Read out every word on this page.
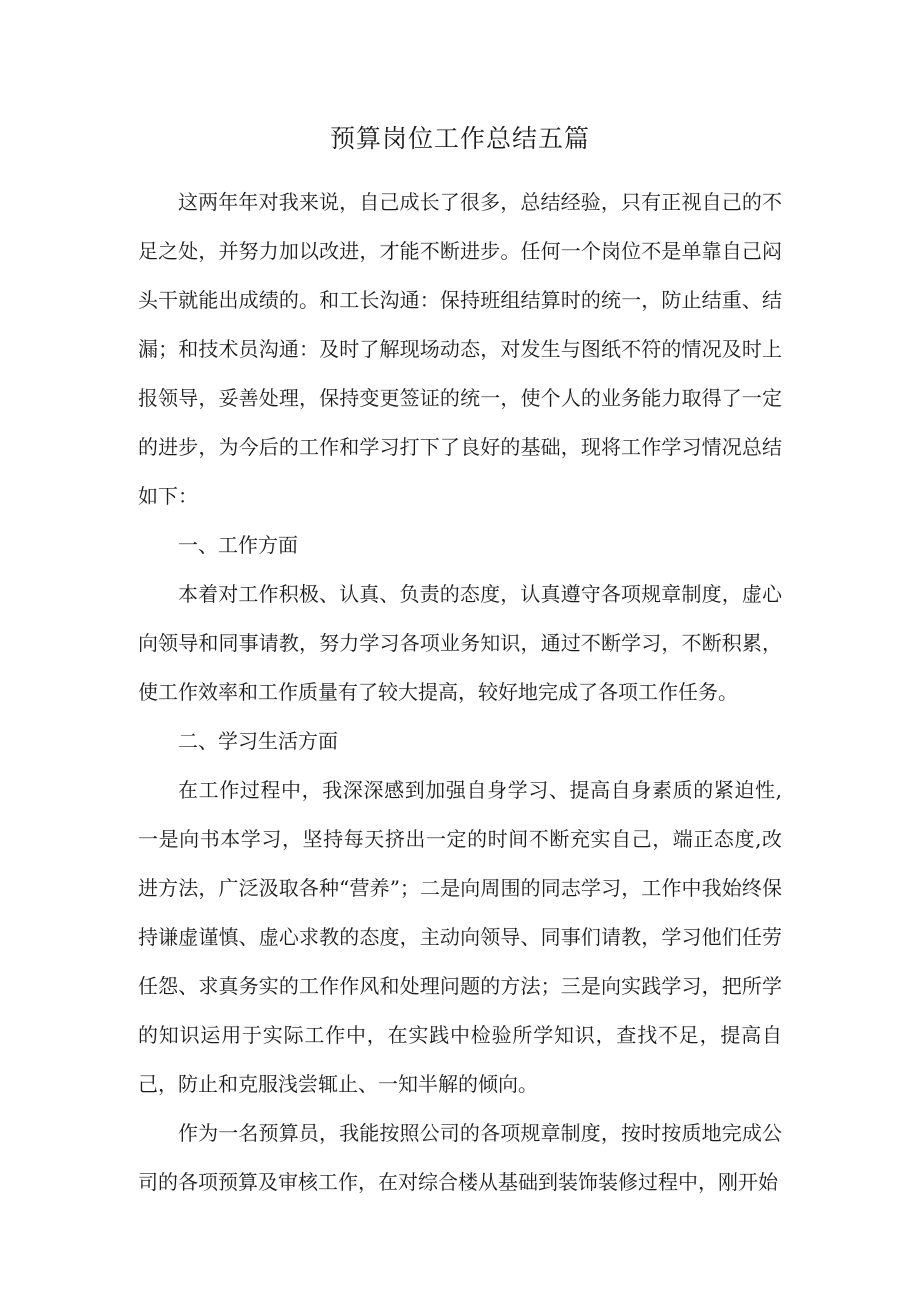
预算岗位工作总结五篇

这两年年对我来说，自己成长了很多，总结经验，只有正视自己的不足之处，并努力加以改进，才能不断进步。任何一个岗位不是单靠自己闷头干就能出成绩的。和工长沟通：保持班组结算时的统一，防止结重、结漏；和技术员沟通：及时了解现场动态，对发生与图纸不符的情况及时上报领导，妥善处理，保持变更签证的统一，使个人的业务能力取得了一定的进步，为今后的工作和学习打下了良好的基础，现将工作学习情况总结如下：

一、工作方面

本着对工作积极、认真、负责的态度，认真遵守各项规章制度，虚心向领导和同事请教，努力学习各项业务知识，通过不断学习，不断积累，使工作效率和工作质量有了较大提高，较好地完成了各项工作任务。

二、学习生活方面

在工作过程中，我深深感到加强自身学习、提高自身素质的紧迫性,一是向书本学习，坚持每天挤出一定的时间不断充实自己，端正态度,改进方法，广泛汲取各种“营养”；二是向周围的同志学习，工作中我始终保持谦虚谨慎、虚心求教的态度，主动向领导、同事们请教，学习他们任劳任怨、求真务实的工作作风和处理问题的方法；三是向实践学习，把所学的知识运用于实际工作中，在实践中检验所学知识，查找不足，提高自己，防止和克服浅尝辄止、一知半解的倾向。

作为一名预算员，我能按照公司的各项规章制度，按时按质地完成公司的各项预算及审核工作，在对综合楼从基础到装饰装修过程中，刚开始
